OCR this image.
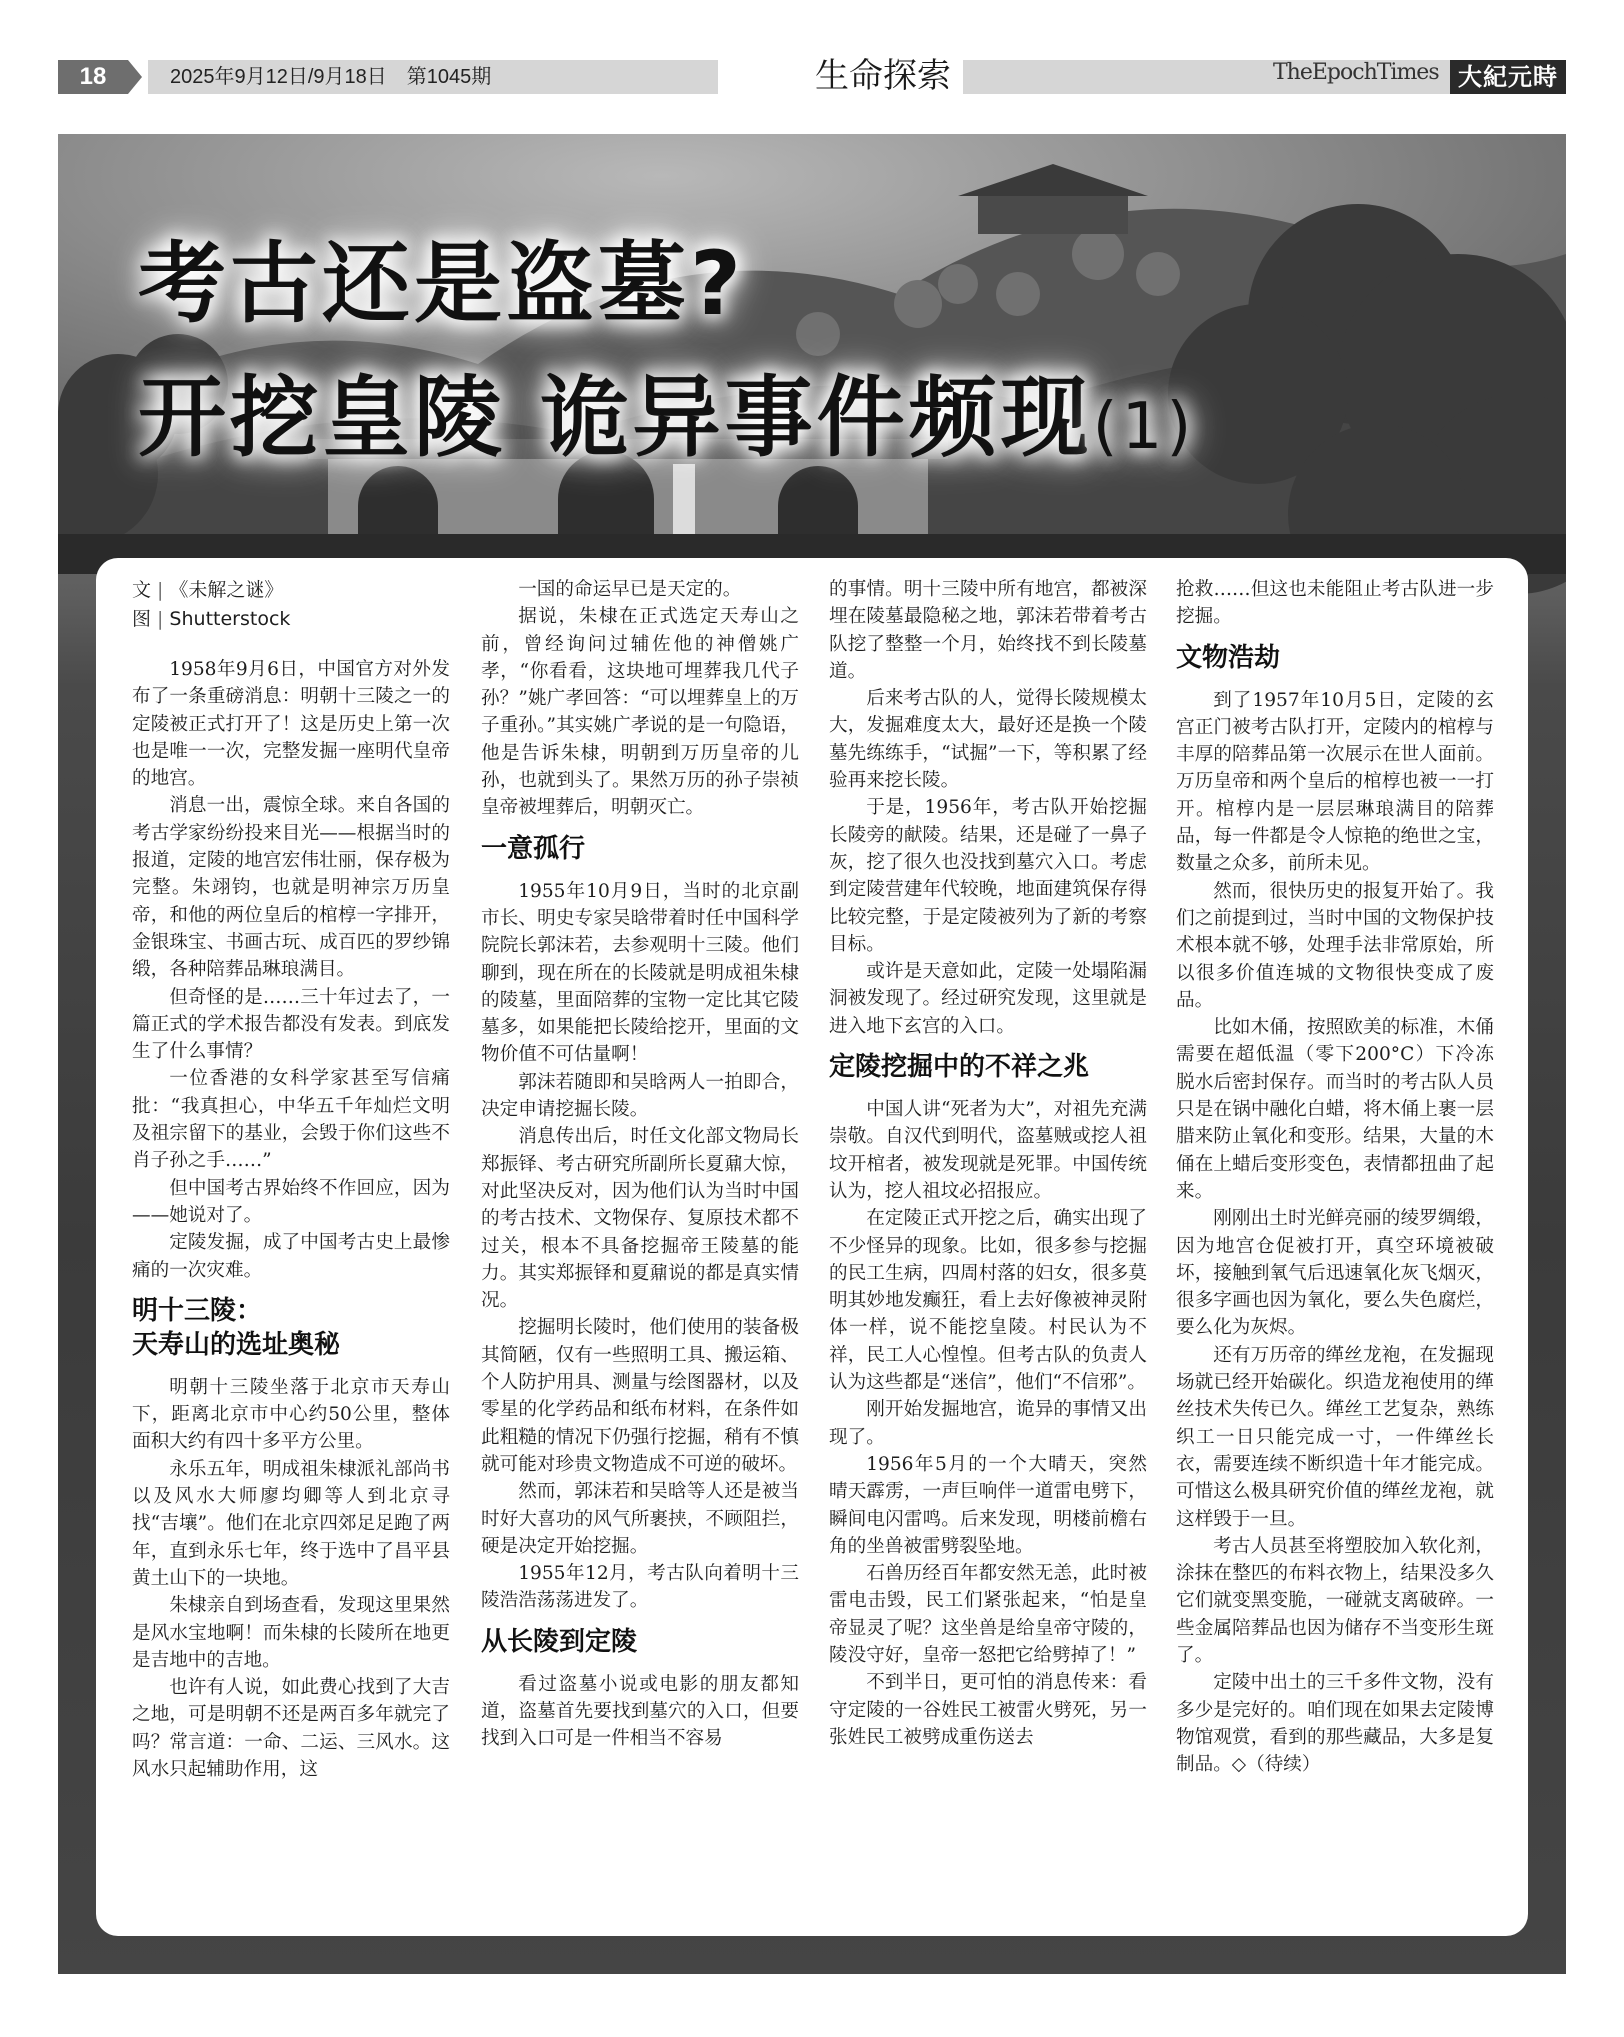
18	2025年9月12日/9月18日　第1045期	生命探索	TheEpochTimes 大紀元時報
考古还是盗墓?
开挖皇陵 诡异事件频现(1)
文 | 《未解之谜》
图 | Shutterstock

1958年9月6日，中国官方对外发布了一条重磅消息：明朝十三陵之一的定陵被正式打开了！这是历史上第一次也是唯一一次，完整发掘一座明代皇帝的地宫。

消息一出，震惊全球。来自各国的考古学家纷纷投来目光——根据当时的报道，定陵的地宫宏伟壮丽，保存极为完整。朱翊钧，也就是明神宗万历皇帝，和他的两位皇后的棺椁一字排开，金银珠宝、书画古玩、成百匹的罗纱锦缎，各种陪葬品琳琅满目。

但奇怪的是……三十年过去了，一篇正式的学术报告都没有发表。到底发生了什么事情？

一位香港的女科学家甚至写信痛批：“我真担心，中华五千年灿烂文明及祖宗留下的基业，会毁于你们这些不肖子孙之手……”

但中国考古界始终不作回应，因为——她说对了。

定陵发掘，成了中国考古史上最惨痛的一次灾难。

明十三陵：
天寿山的选址奥秘

明朝十三陵坐落于北京市天寿山下，距离北京市中心约50公里，整体面积大约有四十多平方公里。

永乐五年，明成祖朱棣派礼部尚书以及风水大师廖均卿等人到北京寻找“吉壤”。他们在北京四郊足足跑了两年，直到永乐七年，终于选中了昌平县黄土山下的一块地。

朱棣亲自到场查看，发现这里果然是风水宝地啊！而朱棣的长陵所在地更是吉地中的吉地。

也许有人说，如此费心找到了大吉之地，可是明朝不还是两百多年就完了吗？常言道：一命、二运、三风水。这风水只起辅助作用，这

一国的命运早已是天定的。

据说，朱棣在正式选定天寿山之前，曾经询问过辅佐他的神僧姚广孝，“你看看，这块地可埋葬我几代子孙？”姚广孝回答：“可以埋葬皇上的万子重孙。”其实姚广孝说的是一句隐语，他是告诉朱棣，明朝到万历皇帝的儿孙，也就到头了。果然万历的孙子崇祯皇帝被埋葬后，明朝灭亡。

一意孤行

1955年10月9日，当时的北京副市长、明史专家吴晗带着时任中国科学院院长郭沫若，去参观明十三陵。他们聊到，现在所在的长陵就是明成祖朱棣的陵墓，里面陪葬的宝物一定比其它陵墓多，如果能把长陵给挖开，里面的文物价值不可估量啊！

郭沫若随即和吴晗两人一拍即合，决定申请挖掘长陵。

消息传出后，时任文化部文物局长郑振铎、考古研究所副所长夏鼐大惊，对此坚决反对，因为他们认为当时中国的考古技术、文物保存、复原技术都不过关，根本不具备挖掘帝王陵墓的能力。其实郑振铎和夏鼐说的都是真实情况。

挖掘明长陵时，他们使用的装备极其简陋，仅有一些照明工具、搬运箱、个人防护用具、测量与绘图器材，以及零星的化学药品和纸布材料，在条件如此粗糙的情况下仍强行挖掘，稍有不慎就可能对珍贵文物造成不可逆的破坏。

然而，郭沫若和吴晗等人还是被当时好大喜功的风气所裹挟，不顾阻拦，硬是决定开始挖掘。

1955年12月，考古队向着明十三陵浩浩荡荡进发了。

从长陵到定陵

看过盗墓小说或电影的朋友都知道，盗墓首先要找到墓穴的入口，但要找到入口可是一件相当不容易

的事情。明十三陵中所有地宫，都被深埋在陵墓最隐秘之地，郭沫若带着考古队挖了整整一个月，始终找不到长陵墓道。

后来考古队的人，觉得长陵规模太大，发掘难度太大，最好还是换一个陵墓先练练手，“试掘”一下，等积累了经验再来挖长陵。

于是，1956年，考古队开始挖掘长陵旁的献陵。结果，还是碰了一鼻子灰，挖了很久也没找到墓穴入口。考虑到定陵营建年代较晚，地面建筑保存得比较完整，于是定陵被列为了新的考察目标。

或许是天意如此，定陵一处塌陷漏洞被发现了。经过研究发现，这里就是进入地下玄宫的入口。

定陵挖掘中的不祥之兆

中国人讲“死者为大”，对祖先充满崇敬。自汉代到明代，盗墓贼或挖人祖坟开棺者，被发现就是死罪。中国传统认为，挖人祖坟必招报应。

在定陵正式开挖之后，确实出现了不少怪异的现象。比如，很多参与挖掘的民工生病，四周村落的妇女，很多莫明其妙地发癫狂，看上去好像被神灵附体一样，说不能挖皇陵。村民认为不祥，民工人心惶惶。但考古队的负责人认为这些都是“迷信”，他们“不信邪”。

刚开始发掘地宫，诡异的事情又出现了。

1956年5月的一个大晴天，突然晴天霹雳，一声巨响伴一道雷电劈下，瞬间电闪雷鸣。后来发现，明楼前檐右角的坐兽被雷劈裂坠地。

石兽历经百年都安然无恙，此时被雷电击毁，民工们紧张起来，“怕是皇帝显灵了呢？这坐兽是给皇帝守陵的，陵没守好，皇帝一怒把它给劈掉了！”

不到半日，更可怕的消息传来：看守定陵的一谷姓民工被雷火劈死，另一张姓民工被劈成重伤送去

抢救……但这也未能阻止考古队进一步挖掘。

文物浩劫

到了1957年10月5日，定陵的玄宫正门被考古队打开，定陵内的棺椁与丰厚的陪葬品第一次展示在世人面前。万历皇帝和两个皇后的棺椁也被一一打开。棺椁内是一层层琳琅满目的陪葬品，每一件都是令人惊艳的绝世之宝，数量之众多，前所未见。

然而，很快历史的报复开始了。我们之前提到过，当时中国的文物保护技术根本就不够，处理手法非常原始，所以很多价值连城的文物很快变成了废品。

比如木俑，按照欧美的标准，木俑需要在超低温（零下200°C）下冷冻脱水后密封保存。而当时的考古队人员只是在锅中融化白蜡，将木俑上裹一层腊来防止氧化和变形。结果，大量的木俑在上蜡后变形变色，表情都扭曲了起来。

刚刚出土时光鲜亮丽的绫罗绸缎，因为地宫仓促被打开，真空环境被破坏，接触到氧气后迅速氧化灰飞烟灭，很多字画也因为氧化，要么失色腐烂，要么化为灰烬。

还有万历帝的缂丝龙袍，在发掘现场就已经开始碳化。织造龙袍使用的缂丝技术失传已久。缂丝工艺复杂，熟练织工一日只能完成一寸，一件缂丝长衣，需要连续不断织造十年才能完成。可惜这么极具研究价值的缂丝龙袍，就这样毁于一旦。

考古人员甚至将塑胶加入软化剂，涂抹在整匹的布料衣物上，结果没多久它们就变黑变脆，一碰就支离破碎。一些金属陪葬品也因为储存不当变形生斑了。

定陵中出土的三千多件文物，没有多少是完好的。咱们现在如果去定陵博物馆观赏，看到的那些藏品，大多是复制品。◇（待续）
